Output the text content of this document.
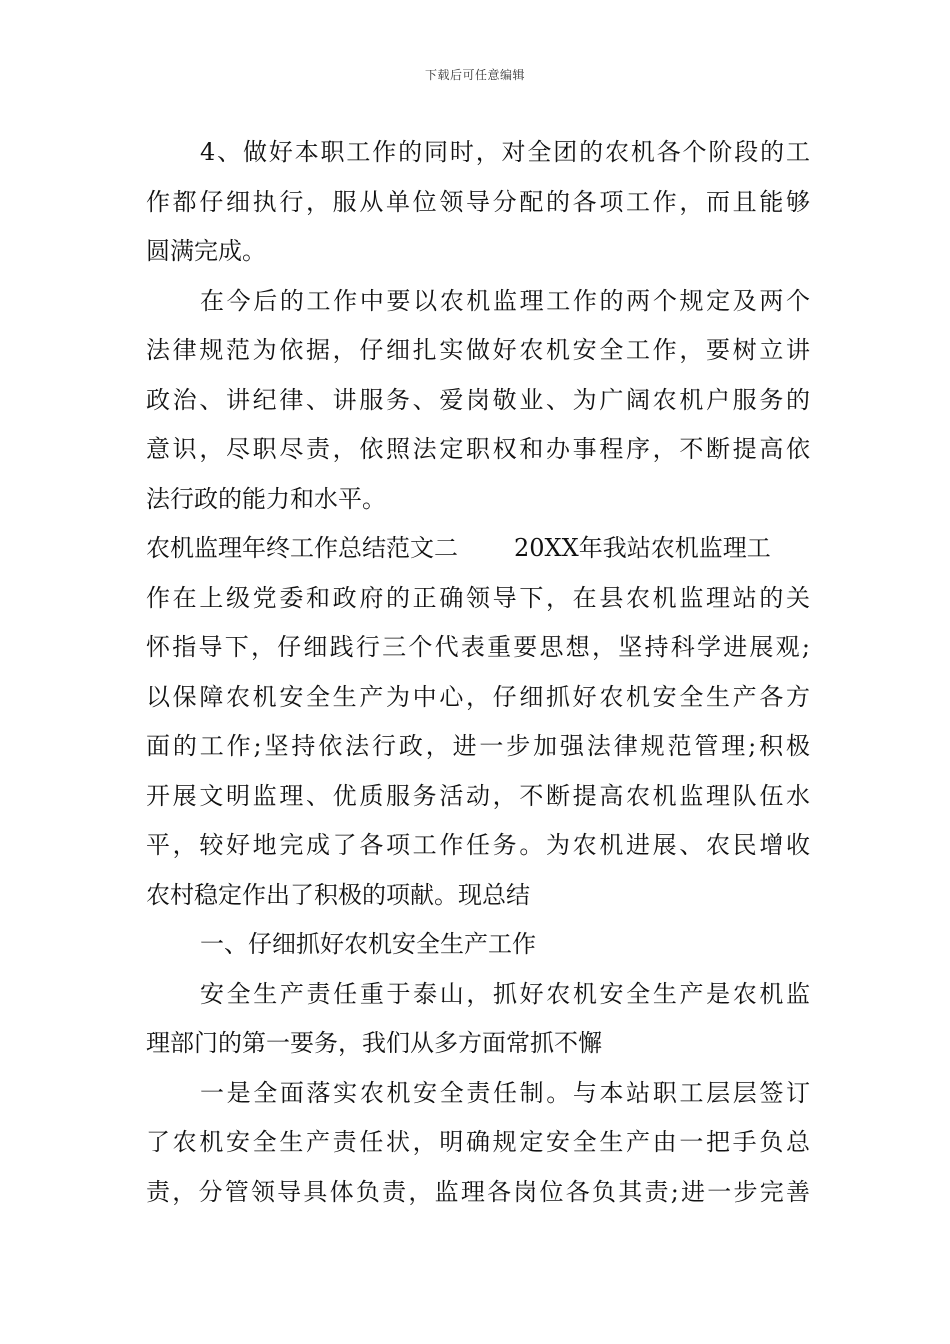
下载后可任意编辑
4、做好本职工作的同时，对全团的农机各个阶段的工
作都仔细执行，服从单位领导分配的各项工作，而且能够
圆满完成。
在今后的工作中要以农机监理工作的两个规定及两个
法律规范为依据，仔细扎实做好农机安全工作，要树立讲
政治、讲纪律、讲服务、爱岗敬业、为广阔农机户服务的
意识，尽职尽责，依照法定职权和办事程序，不断提高依
法行政的能力和水平。
农机监理年终工作总结范文二 20XX年我站农机监理工
作在上级党委和政府的正确领导下，在县农机监理站的关
怀指导下，仔细践行三个代表重要思想，坚持科学进展观;
以保障农机安全生产为中心，仔细抓好农机安全生产各方
面的工作;坚持依法行政，进一步加强法律规范管理;积极
开展文明监理、优质服务活动，不断提高农机监理队伍水
平，较好地完成了各项工作任务。为农机进展、农民增收
农村稳定作出了积极的项献。现总结
一、仔细抓好农机安全生产工作
安全生产责任重于泰山，抓好农机安全生产是农机监
理部门的第一要务，我们从多方面常抓不懈
一是全面落实农机安全责任制。与本站职工层层签订
了农机安全生产责任状，明确规定安全生产由一把手负总
责，分管领导具体负责，监理各岗位各负其责;进一步完善
